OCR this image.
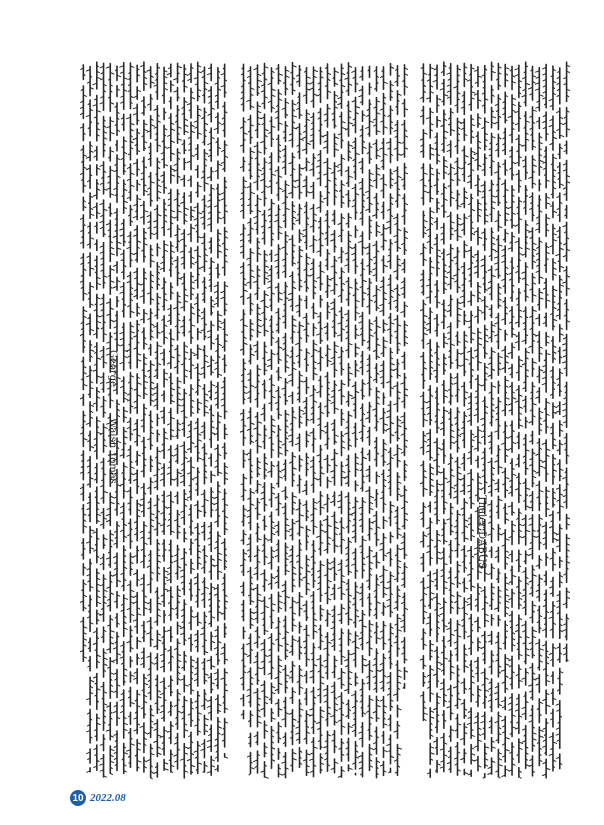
George
Walsh Tomas
Thaler DABUS
10 2022.08
